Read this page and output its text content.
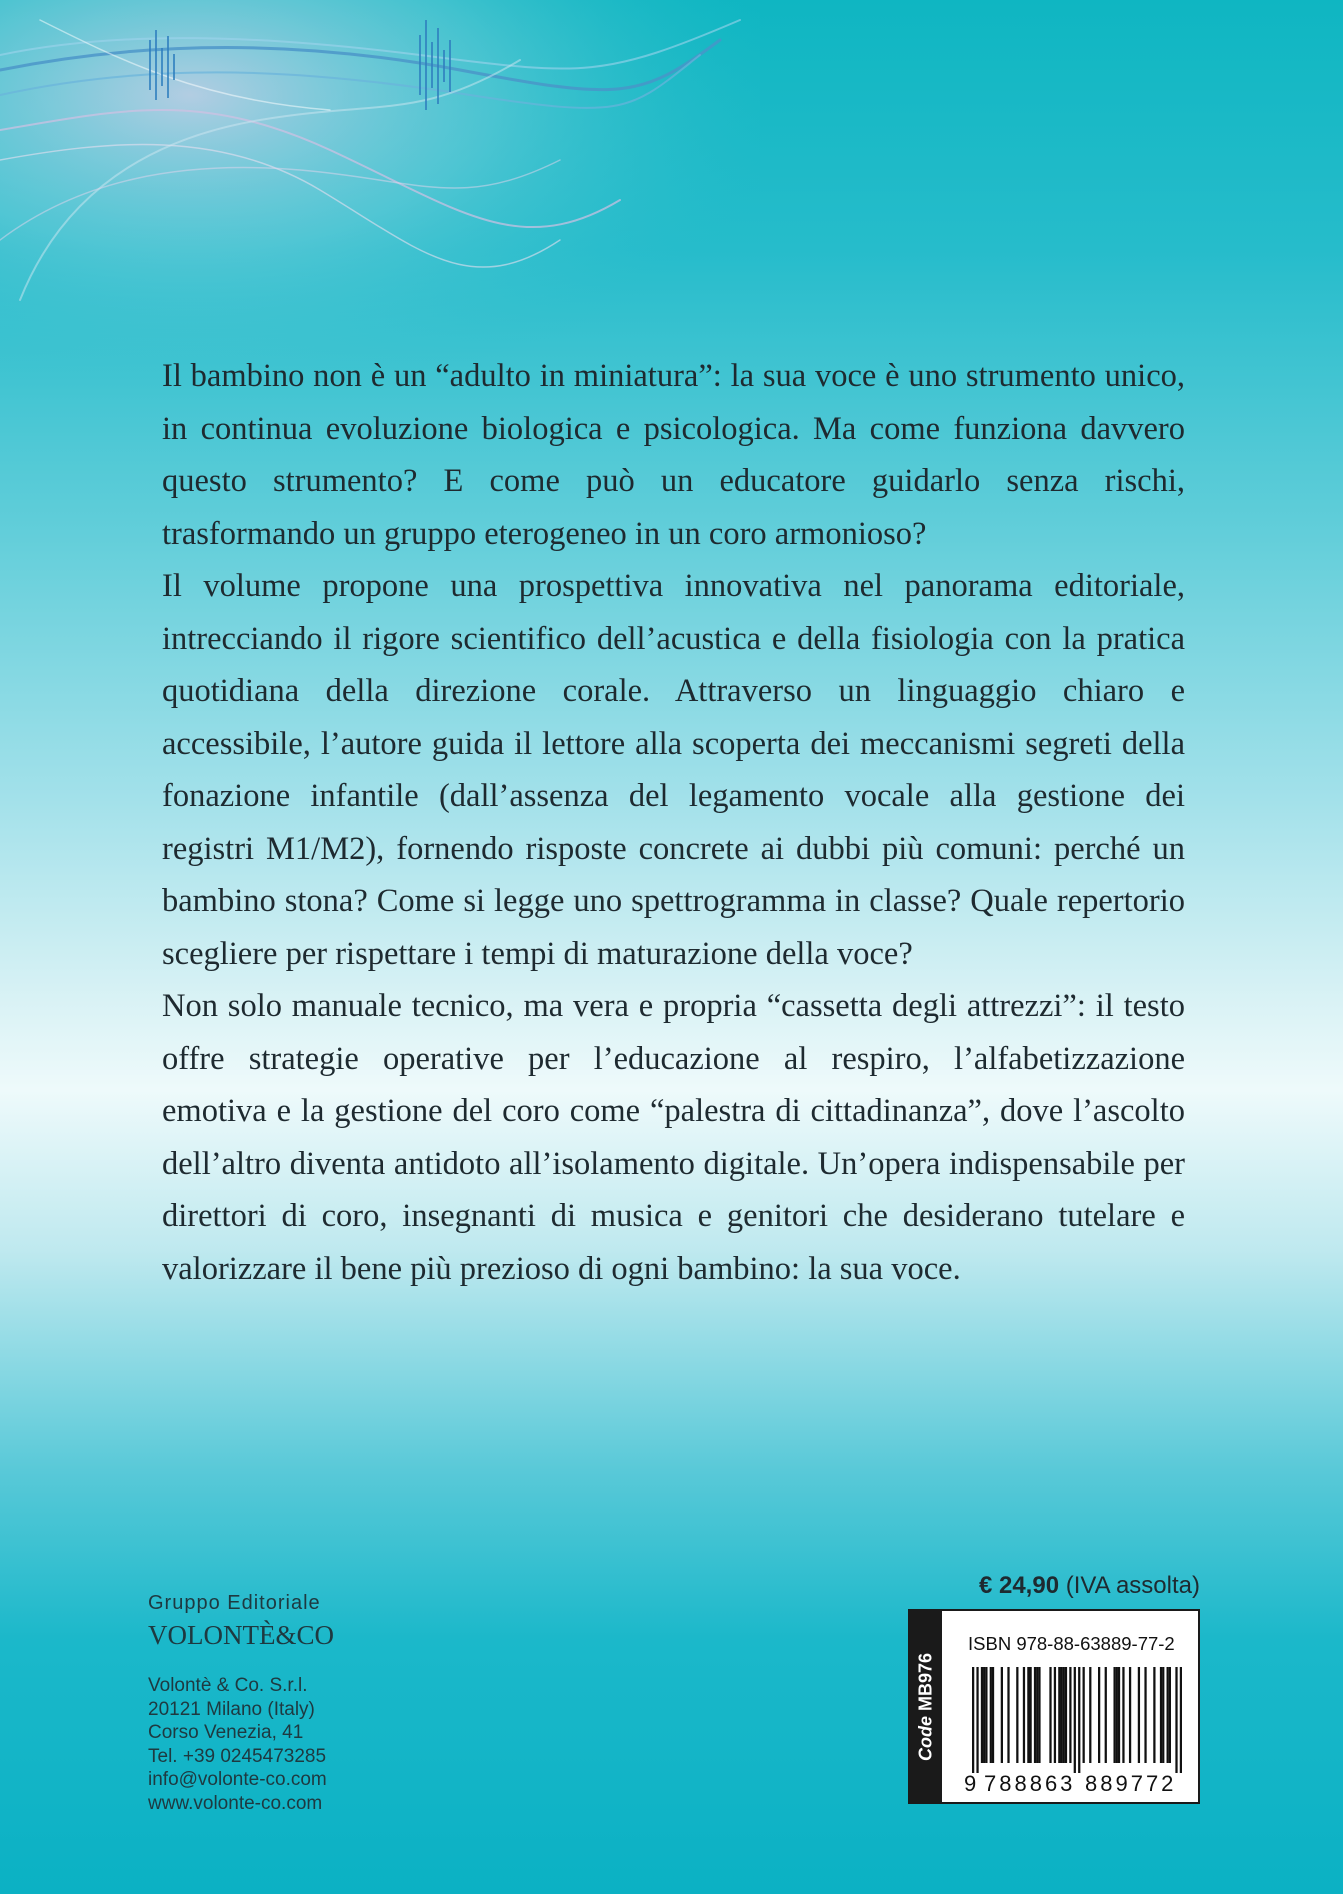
Il bambino non è un “adulto in miniatura”: la sua voce è uno strumento unico, in continua evoluzione biologica e psicologica. Ma come funziona davvero questo strumento? E come può un educatore guidarlo senza rischi, trasformando un gruppo eterogeneo in un coro armonioso?

Il volume propone una prospettiva innovativa nel panorama editoriale, intrecciando il rigore scientifico dell’acustica e della fisiologia con la pratica quotidiana della direzione corale. Attraverso un linguaggio chiaro e accessibile, l’autore guida il lettore alla scoperta dei meccanismi segreti della fonazione infantile (dall’assenza del legamento vocale alla gestione dei registri M1/M2), fornendo risposte concrete ai dubbi più comuni: perché un bambino stona? Come si legge uno spettrogramma in classe? Quale repertorio scegliere per rispettare i tempi di maturazione della voce?

Non solo manuale tecnico, ma vera e propria “cassetta degli attrezzi”: il testo offre strategie operative per l’educazione al respiro, l’alfabetizzazione emotiva e la gestione del coro come “palestra di cittadinanza”, dove l’ascolto dell’altro diventa antidoto all’isolamento digitale. Un’opera indispensabile per direttori di coro, insegnanti di musica e genitori che desiderano tutelare e valorizzare il bene più prezioso di ogni bambino: la sua voce.

Gruppo Editoriale
VOLONTÈ&CO
Volontè & Co. S.r.l.
20121 Milano (Italy)
Corso Venezia, 41
Tel. +39 0245473285
info@volonte-co.com
www.volonte-co.com
€ 24,90 (IVA assolta)
Code MB976
ISBN 978-88-63889-77-2
9 788863 889772
